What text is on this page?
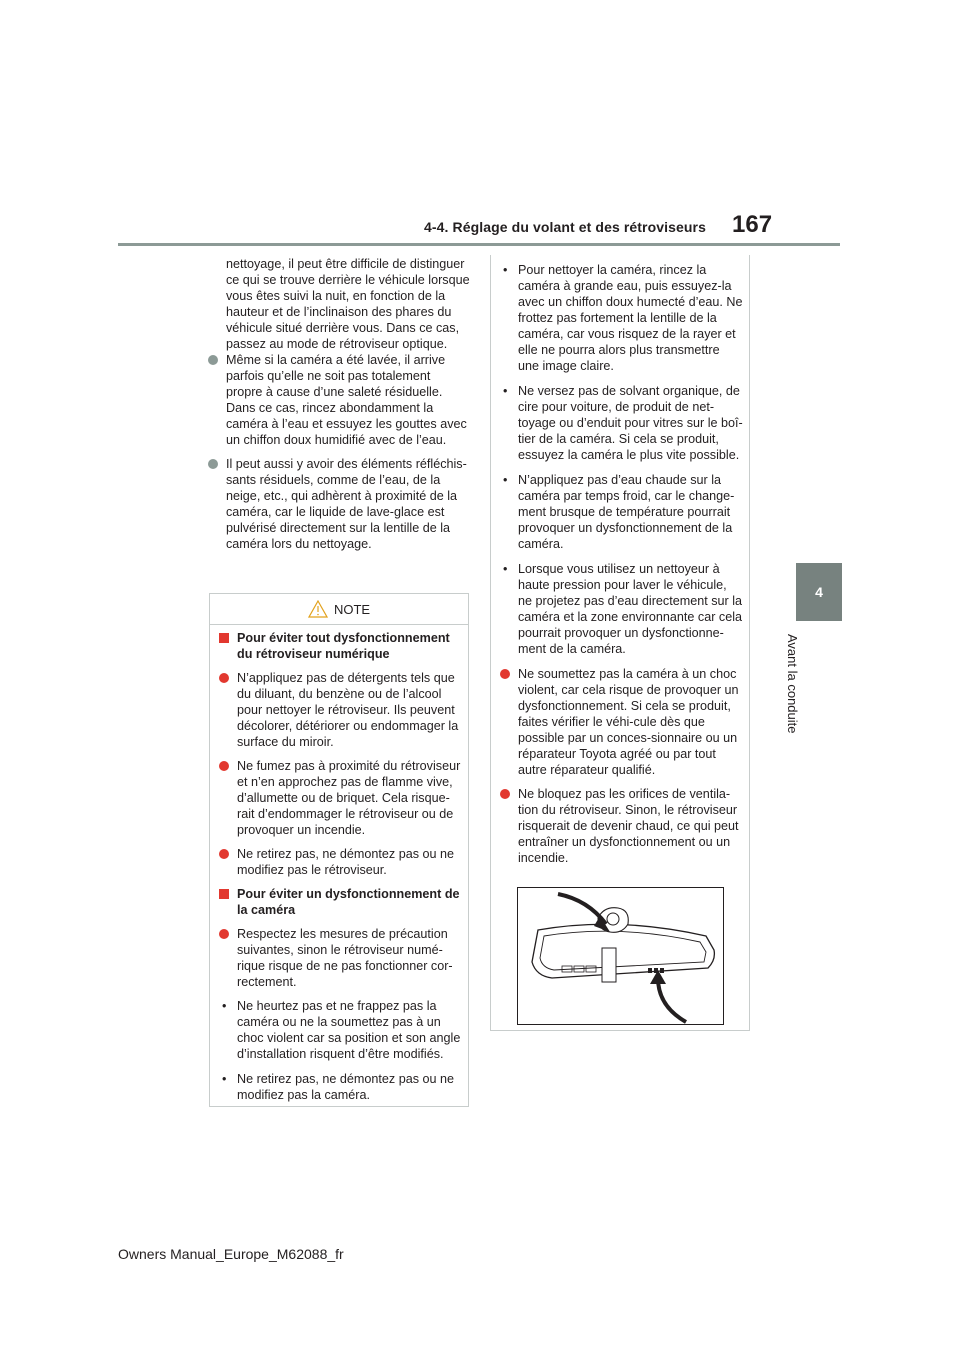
4-4. Réglage du volant et des rétroviseurs 167
4
Avant la conduite

nettoyage, il peut être difficile de distinguer ce qui se trouve derrière le véhicule lorsque vous êtes suivi la nuit, en fonction de la hauteur et de l’inclinaison des phares du véhicule situé derrière vous. Dans ce cas, passez au mode de rétroviseur optique.

Même si la caméra a été lavée, il arrive parfois qu’elle ne soit pas totalement propre à cause d’une saleté résiduelle. Dans ce cas, rincez abondamment la caméra à l’eau et essuyez les gouttes avec un chiffon doux humidifié avec de l’eau.
Il peut aussi y avoir des éléments réfléchis-sants résiduels, comme de l’eau, de la neige, etc., qui adhèrent à proximité de la caméra, car le liquide de lave-glace est pulvérisé directement sur la lentille de la caméra lors du nettoyage.
NOTE
Pour éviter tout dysfonctionnement du rétroviseur numérique
N’appliquez pas de détergents tels que du diluant, du benzène ou de l’alcool pour nettoyer le rétroviseur. Ils peuvent décolorer, détériorer ou endommager la surface du miroir.
Ne fumez pas à proximité du rétroviseur et n’en approchez pas de flamme vive, d’allumette ou de briquet. Cela risque-rait d’endommager le rétroviseur ou de provoquer un incendie.
Ne retirez pas, ne démontez pas ou ne modifiez pas le rétroviseur.
Pour éviter un dysfonctionnement de la caméra
Respectez les mesures de précaution suivantes, sinon le rétroviseur numé-rique risque de ne pas fonctionner cor-rectement.
• Ne heurtez pas et ne frappez pas la caméra ou ne la soumettez pas à un choc violent car sa position et son angle d’installation risquent d’être modifiés.
• Ne retirez pas, ne démontez pas ou ne modifiez pas la caméra.
• Pour nettoyer la caméra, rincez la caméra à grande eau, puis essuyez-la avec un chiffon doux humecté d’eau. Ne frottez pas fortement la lentille de la caméra, car vous risquez de la rayer et elle ne pourra alors plus transmettre une image claire.
• Ne versez pas de solvant organique, de cire pour voiture, de produit de net-toyage ou d’enduit pour vitres sur le boî-tier de la caméra. Si cela se produit, essuyez la caméra le plus vite possible.
• N’appliquez pas d’eau chaude sur la caméra par temps froid, car le change-ment brusque de température pourrait provoquer un dysfonctionnement de la caméra.
• Lorsque vous utilisez un nettoyeur à haute pression pour laver le véhicule, ne projetez pas d’eau directement sur la caméra et la zone environnante car cela pourrait provoquer un dysfonctionne-ment de la caméra.
Ne soumettez pas la caméra à un choc violent, car cela risque de provoquer un dysfonctionnement. Si cela se produit, faites vérifier le véhi-cule dès que possible par un conces-sionnaire ou un réparateur Toyota agréé ou par tout autre réparateur qualifié.
Ne bloquez pas les orifices de ventila-tion du rétroviseur. Sinon, le rétroviseur risquerait de devenir chaud, ce qui peut entraîner un dysfonctionnement ou un incendie.
Owners Manual_Europe_M62088_fr
